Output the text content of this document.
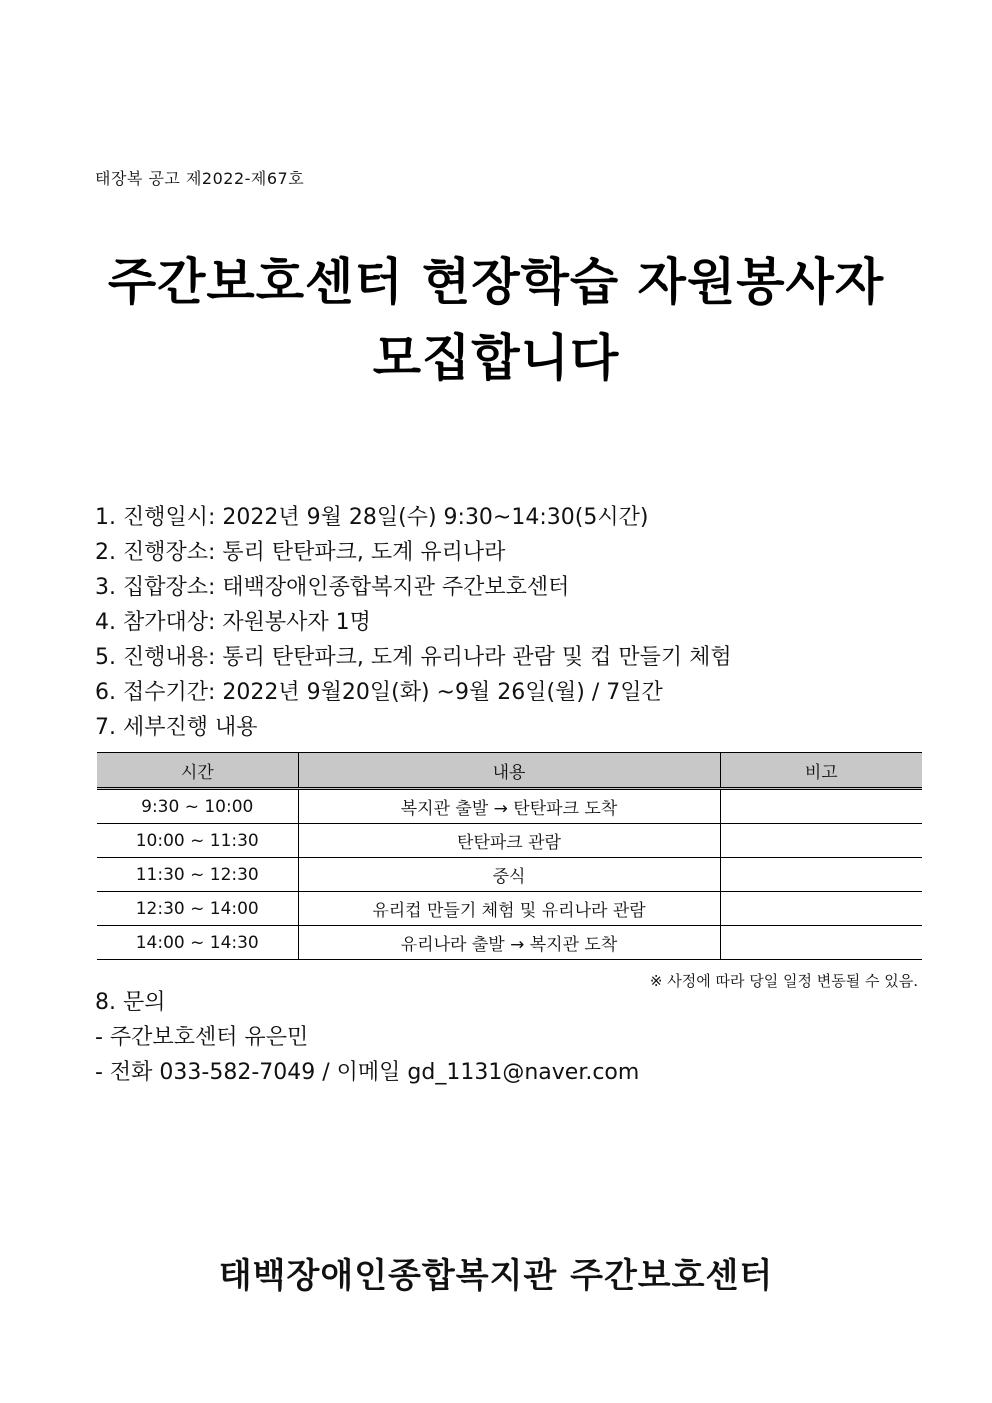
태장복 공고 제2022-제67호
주간보호센터 현장학습 자원봉사자
모집합니다
1. 진행일시: 2022년 9월 28일(수) 9:30~14:30(5시간)
2. 진행장소: 통리 탄탄파크, 도계 유리나라
3. 집합장소: 태백장애인종합복지관 주간보호센터
4. 참가대상: 자원봉사자 1명
5. 진행내용: 통리 탄탄파크, 도계 유리나라 관람 및 컵 만들기 체험
6. 접수기간: 2022년 9월20일(화) ~9월 26일(월) / 7일간
7. 세부진행 내용
시간	내용	비고
9:30 ~ 10:00	복지관 출발 → 탄탄파크 도착	
10:00 ~ 11:30	탄탄파크 관람	
11:30 ~ 12:30	중식	
12:30 ~ 14:00	유리컵 만들기 체험 및 유리나라 관람	
14:00 ~ 14:30	유리나라 출발 → 복지관 도착	
※ 사정에 따라 당일 일정 변동될 수 있음.
8. 문의
- 주간보호센터 유은민
- 전화 033-582-7049 / 이메일 gd_1131@naver.com
태백장애인종합복지관 주간보호센터
